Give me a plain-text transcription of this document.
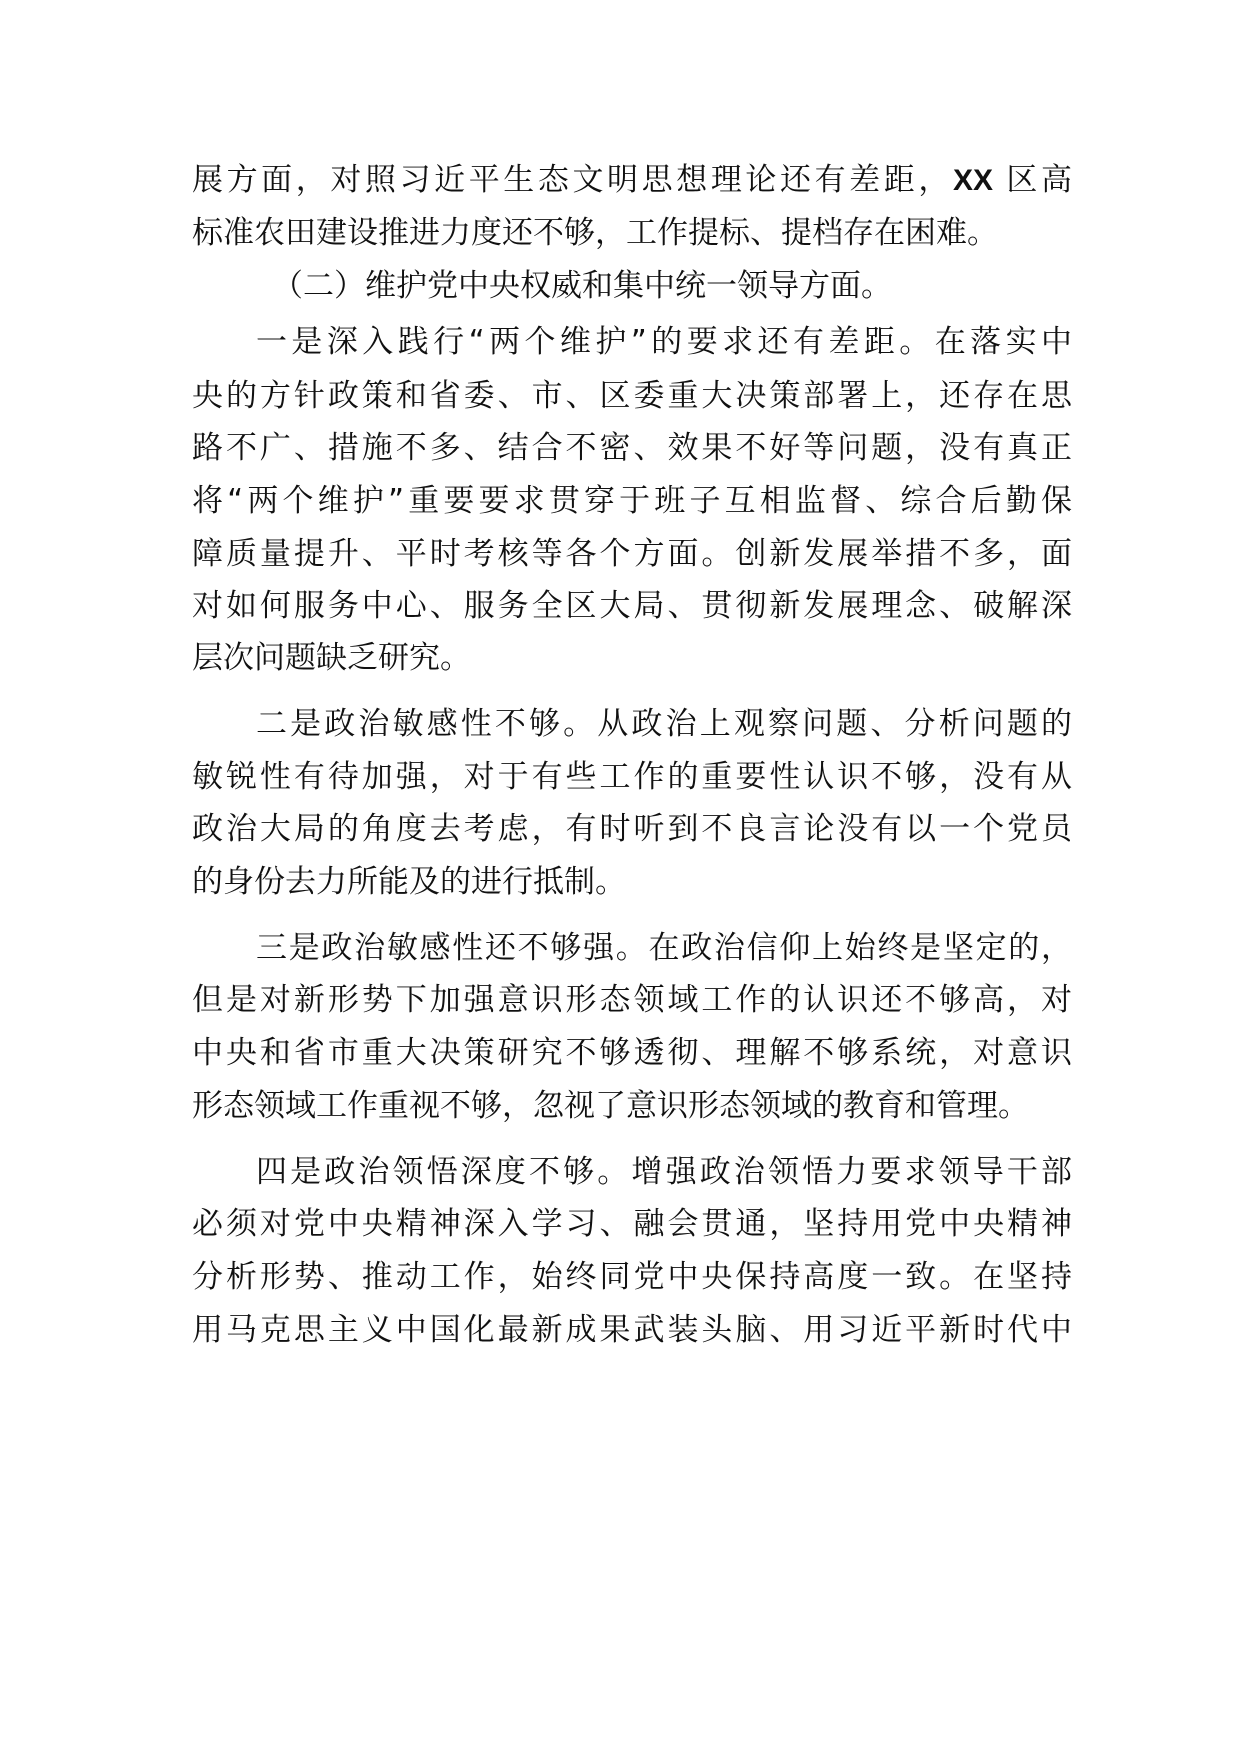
展方面，对照习近平生态文明思想理论还有差距，XX 区高
标准农田建设推进力度还不够，工作提标、提档存在困难。
（二）维护党中央权威和集中统一领导方面。
一是深入践行“两个维护”的要求还有差距。在落实中
央的方针政策和省委、市、区委重大决策部署上，还存在思
路不广、措施不多、结合不密、效果不好等问题，没有真正
将“两个维护”重要要求贯穿于班子互相监督、综合后勤保
障质量提升、平时考核等各个方面。创新发展举措不多，面
对如何服务中心、服务全区大局、贯彻新发展理念、破解深
层次问题缺乏研究。
二是政治敏感性不够。从政治上观察问题、分析问题的
敏锐性有待加强，对于有些工作的重要性认识不够，没有从
政治大局的角度去考虑，有时听到不良言论没有以一个党员
的身份去力所能及的进行抵制。
三是政治敏感性还不够强。在政治信仰上始终是坚定的，
但是对新形势下加强意识形态领域工作的认识还不够高，对
中央和省市重大决策研究不够透彻、理解不够系统，对意识
形态领域工作重视不够，忽视了意识形态领域的教育和管理。
四是政治领悟深度不够。增强政治领悟力要求领导干部
必须对党中央精神深入学习、融会贯通，坚持用党中央精神
分析形势、推动工作，始终同党中央保持高度一致。在坚持
用马克思主义中国化最新成果武装头脑、用习近平新时代中
